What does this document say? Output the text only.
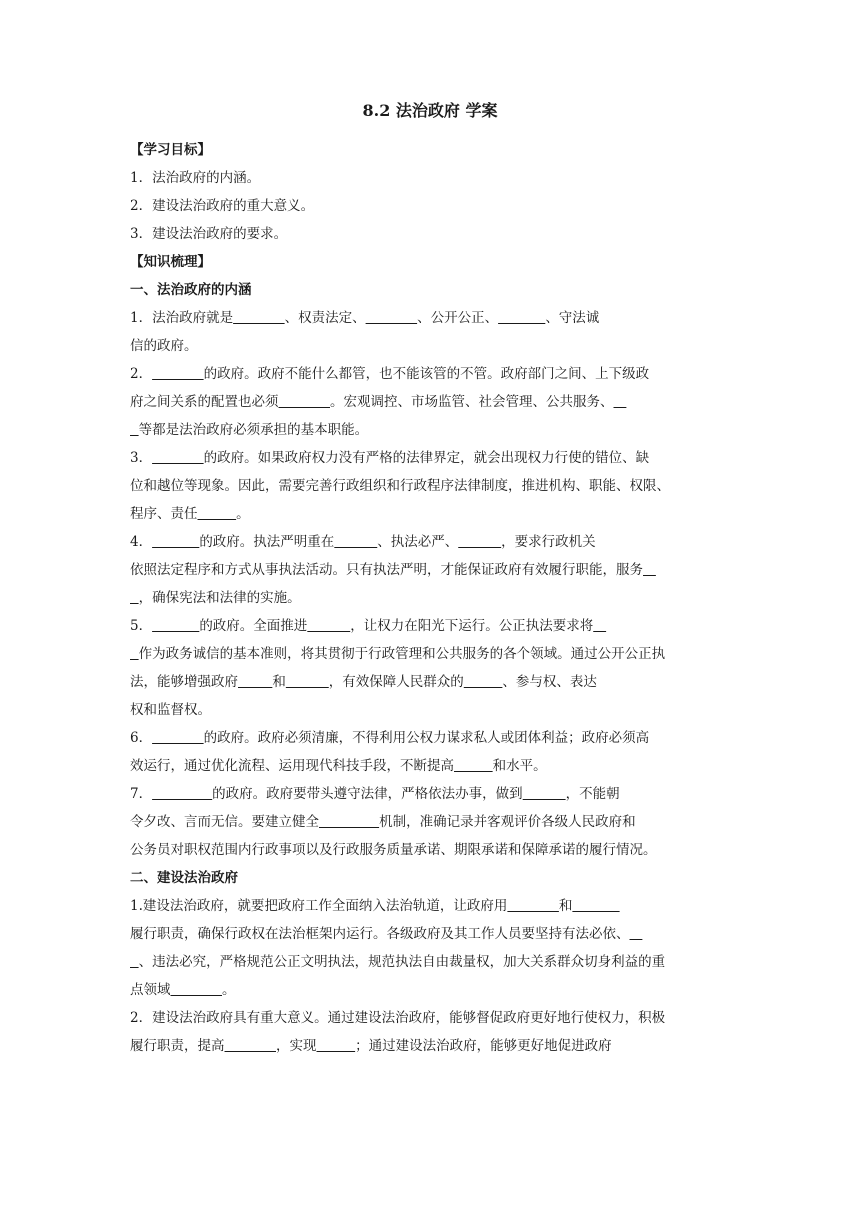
8.2 法治政府 学案
【学习目标】
1．法治政府的内涵。
2．建设法治政府的重大意义。
3．建设法治政府的要求。
【知识梳理】
一、法治政府的内涵
1．法治政府就是	、权责法定、	、公开公正、	、守法诚
信的政府。
2．	的政府。政府不能什么都管，也不能该管的不管。政府部门之间、上下级政
府之间关系的配置也必须	。宏观调控、市场监管、社会管理、公共服务、
等都是法治政府必须承担的基本职能。
3．	的政府。如果政府权力没有严格的法律界定，就会出现权力行使的错位、缺
位和越位等现象。因此，需要完善行政组织和行政程序法律制度，推进机构、职能、权限、
程序、责任	。
4．	的政府。执法严明重在	、执法必严、	，要求行政机关
依照法定程序和方式从事执法活动。只有执法严明，才能保证政府有效履行职能，服务
，确保宪法和法律的实施。
5．	的政府。全面推进	，让权力在阳光下运行。公正执法要求将
作为政务诚信的基本准则，将其贯彻于行政管理和公共服务的各个领域。通过公开公正执
法，能够增强政府	和	，有效保障人民群众的	、参与权、表达
权和监督权。
6．	的政府。政府必须清廉，不得利用公权力谋求私人或团体利益；政府必须高
效运行，通过优化流程、运用现代科技手段，不断提高	和水平。
7．	的政府。政府要带头遵守法律，严格依法办事，做到	，不能朝
令夕改、言而无信。要建立健全	机制，准确记录并客观评价各级人民政府和
公务员对职权范围内行政事项以及行政服务质量承诺、期限承诺和保障承诺的履行情况。
二、建设法治政府
1.建设法治政府，就要把政府工作全面纳入法治轨道，让政府用	和
履行职责，确保行政权在法治框架内运行。各级政府及其工作人员要坚持有法必依、
、违法必究，严格规范公正文明执法，规范执法自由裁量权，加大关系群众切身利益的重
点领域	。
2．建设法治政府具有重大意义。通过建设法治政府，能够督促政府更好地行使权力，积极
履行职责，提高	，实现	；通过建设法治政府，能够更好地促进政府
